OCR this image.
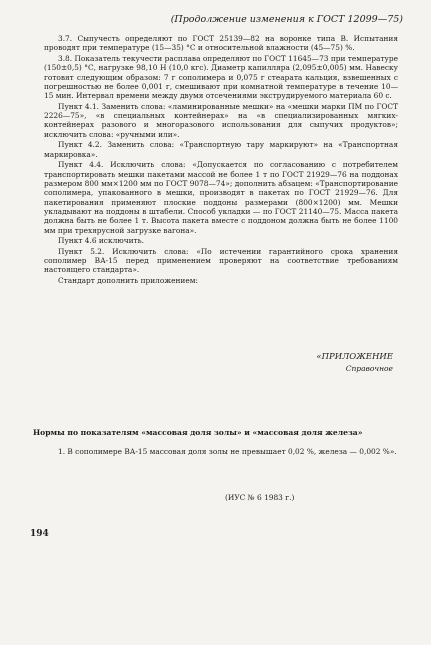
(Продолжение изменения к ГОСТ 12099—75)

3.7. Сыпучесть определяют по ГОСТ 25139—82 на воронке типа В. Испытания проводят при температуре (15—35) °С и относительной влажности (45—75) %.

3.8. Показатель текучести расплава определяют по ГОСТ 11645—73 при температуре (150±0,5) °С, нагрузке 98,10 Н (10,0 кгс). Диаметр капилляра (2,095±0,005) мм. Навеску готовят следующим образом: 7 г сополимера и 0,075 г стеарата кальция, взвешенных с погрешностью не более 0,001 г, смешивают при комнатной температуре в течение 10—15 мин. Интервал времени между двумя отсечениями экструдируемого материала 60 с.

Пункт 4.1. Заменить слова: «ламинированные мешки» на «мешки марки ПМ по ГОСТ 2226—75», «в специальных контейнерах» на «в специализированных мягких-контейнерах разового и многоразового использования для сыпучих продуктов»; исключить слова: «ручными или».

Пункт 4.2. Заменить слова: «Транспортную тару маркируют» на «Транспортная маркировка».

Пункт 4.4. Исключить слова: «Допускается по согласованию с потребителем транспортировать мешки пакетами массой не более 1 т по ГОСТ 21929—76 на поддонах размером 800 мм×1200 мм по ГОСТ 9078—74»; дополнить абзацем: «Транспортирование сополимера, упакованного в мешки, производят в пакетах по ГОСТ 21929—76. Для пакетирования применяют плоские поддоны размерами (800×1200) мм. Мешки укладывают на поддоны в штабели. Способ укладки — по ГОСТ 21140—75. Масса пакета должна быть не более 1 т. Высота пакета вместе с поддоном должна быть не более 1100 мм при трехярусной загрузке вагона».

Пункт 4.6 исключить.

Пункт 5.2. Исключить слова: «По истечении гарантийного срока хранения сополимер ВА-15 перед применением проверяют на соответствие требованиям настоящего стандарта».

Стандарт дополнить приложением:

«ПРИЛОЖЕНИЕ
Справочное
Нормы по показателям «массовая доля золы» и «массовая доля железа»

1. В сополимере ВА-15 массовая доля золы не превышает 0,02 %, железа — 0,002 %».

(ИУС № 6 1983 г.)
194
